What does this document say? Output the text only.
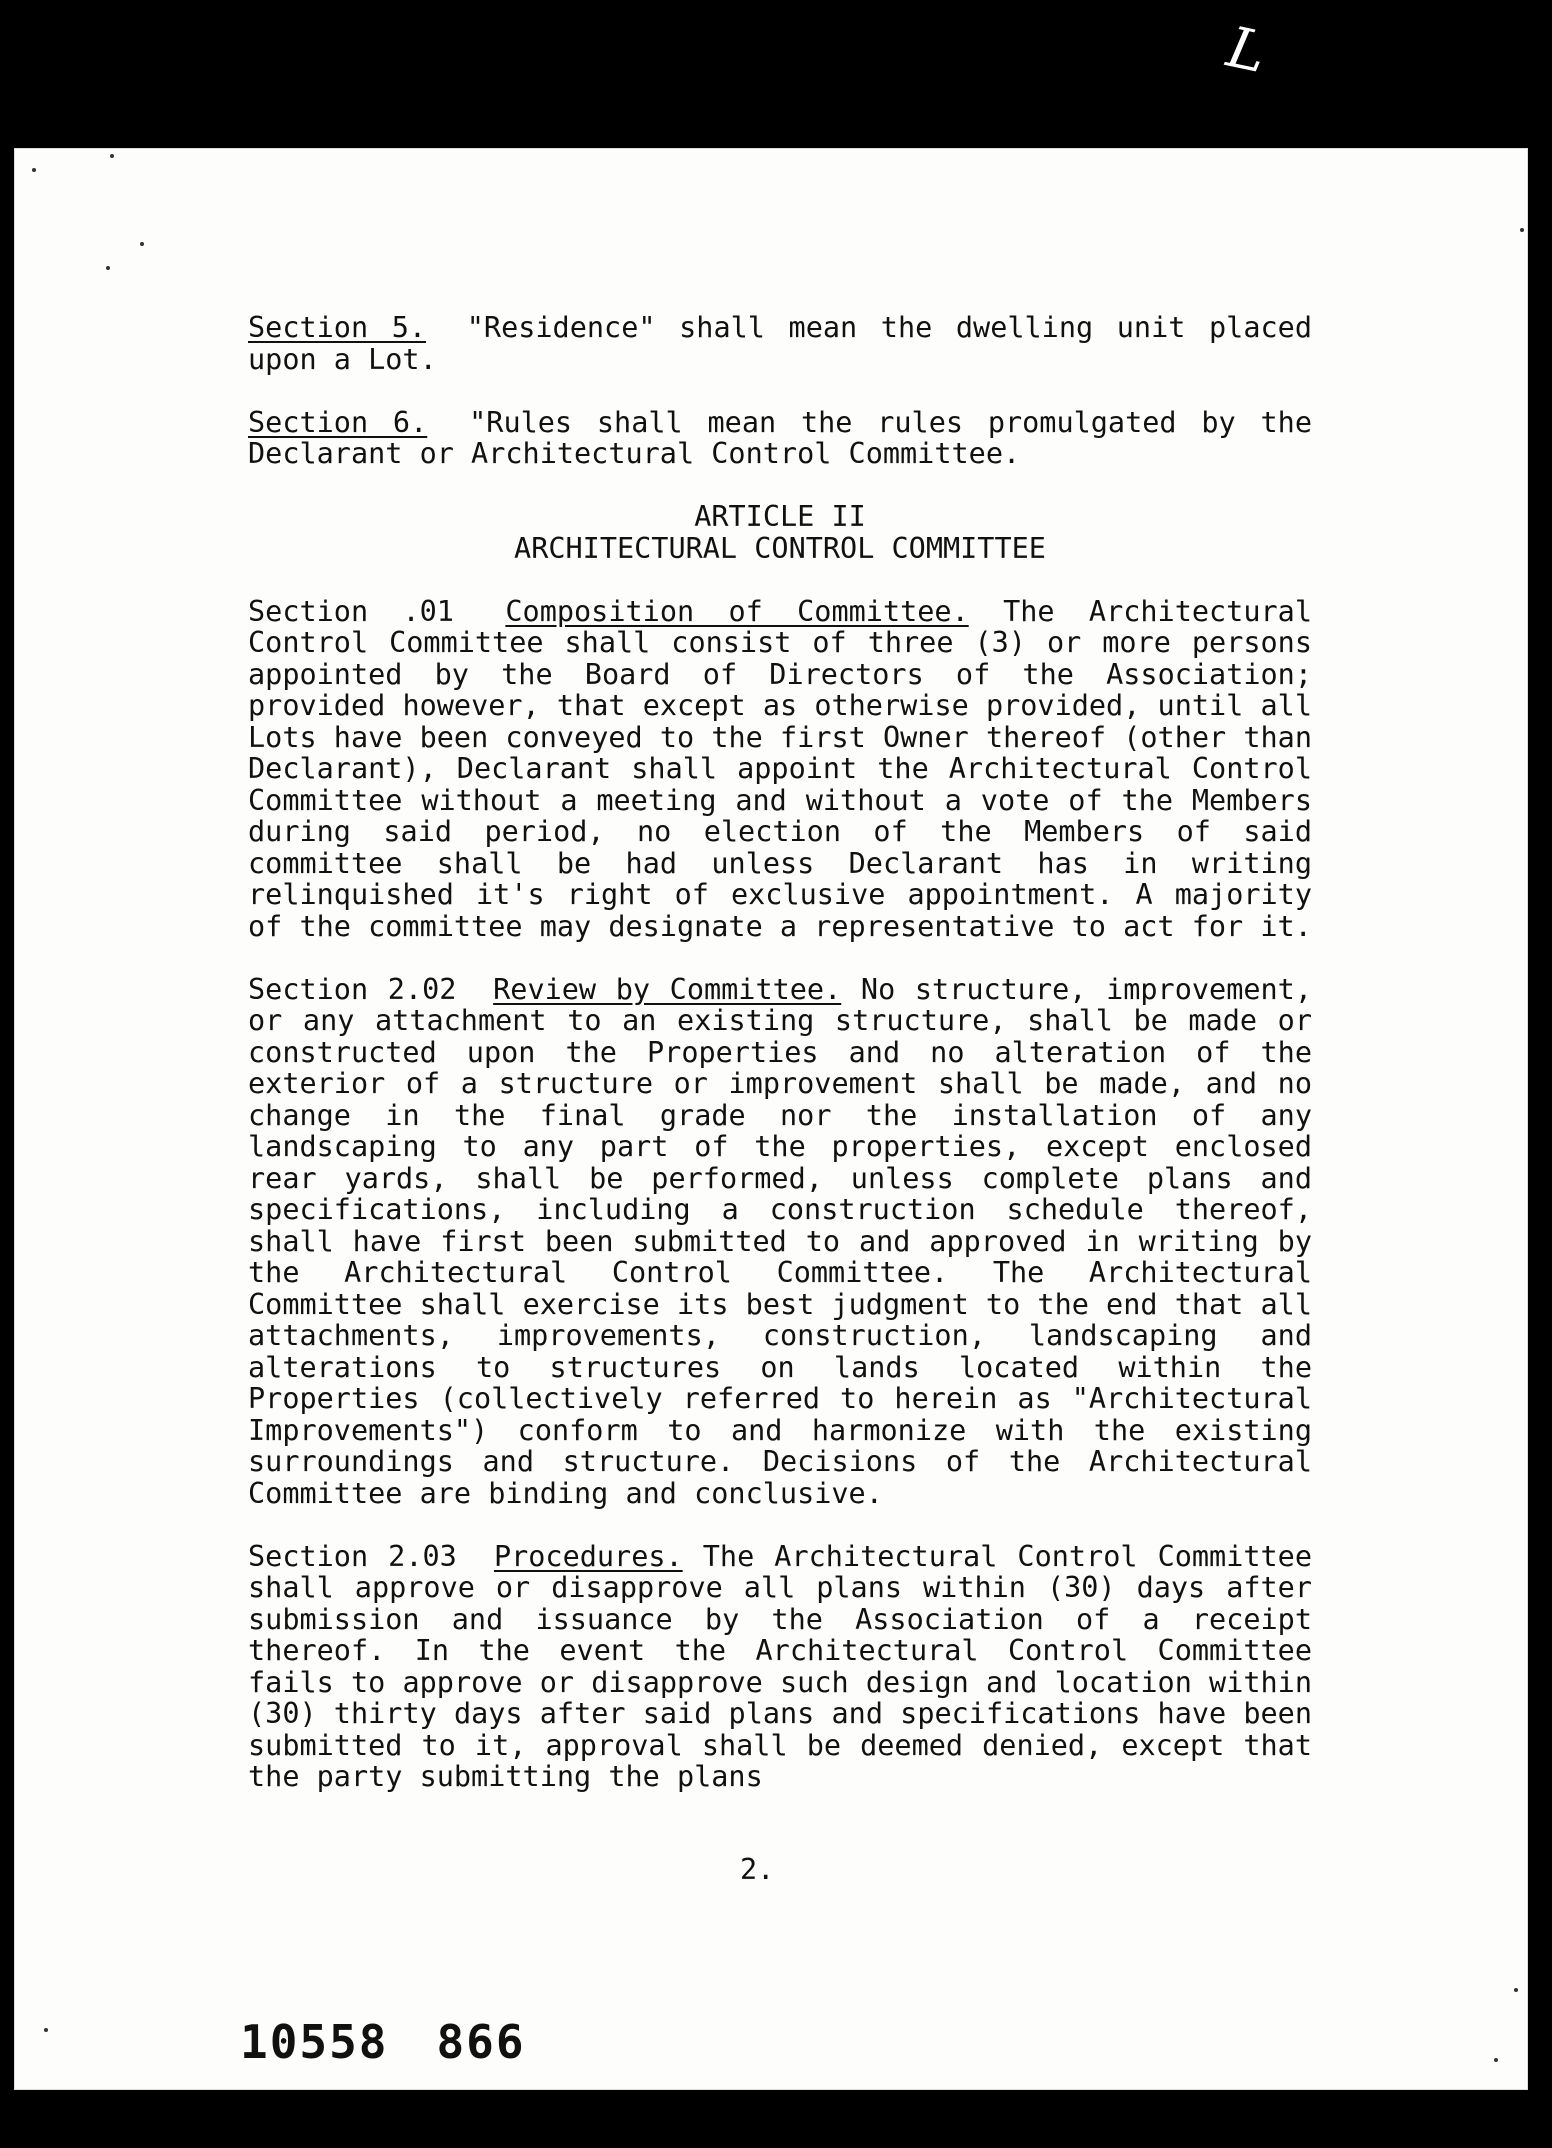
L

Section 5. "Residence" shall mean the dwelling unit placed upon a Lot.

Section 6. "Rules shall mean the rules promulgated by the Declarant or Architectural Control Committee.

ARTICLE II
ARCHITECTURAL CONTROL COMMITTEE

Section .01 Composition of Committee. The Architectural Control Committee shall consist of three (3) or more persons appointed by the Board of Directors of the Association; provided however, that except as otherwise provided, until all Lots have been conveyed to the first Owner thereof (other than Declarant), Declarant shall appoint the Architectural Control Committee without a meeting and without a vote of the Members during said period, no election of the Members of said committee shall be had unless Declarant has in writing relinquished it's right of exclusive appointment. A majority of the committee may designate a representative to act for it.

Section 2.02 Review by Committee. No structure, improvement, or any attachment to an existing structure, shall be made or constructed upon the Properties and no alteration of the exterior of a structure or improvement shall be made, and no change in the final grade nor the installation of any landscaping to any part of the properties, except enclosed rear yards, shall be performed, unless complete plans and specifications, including a construction schedule thereof, shall have first been submitted to and approved in writing by the Architectural Control Committee. The Architectural Committee shall exercise its best judgment to the end that all attachments, improvements, construction, landscaping and alterations to structures on lands located within the Properties (collectively referred to herein as "Architectural Improvements") conform to and harmonize with the existing surroundings and structure. Decisions of the Architectural Committee are binding and conclusive.

Section 2.03 Procedures. The Architectural Control Committee shall approve or disapprove all plans within (30) days after submission and issuance by the Association of a receipt thereof. In the event the Architectural Control Committee fails to approve or disapprove such design and location within (30) thirty days after said plans and specifications have been submitted to it, approval shall be deemed denied, except that the party submitting the plans

2.
10558 866
